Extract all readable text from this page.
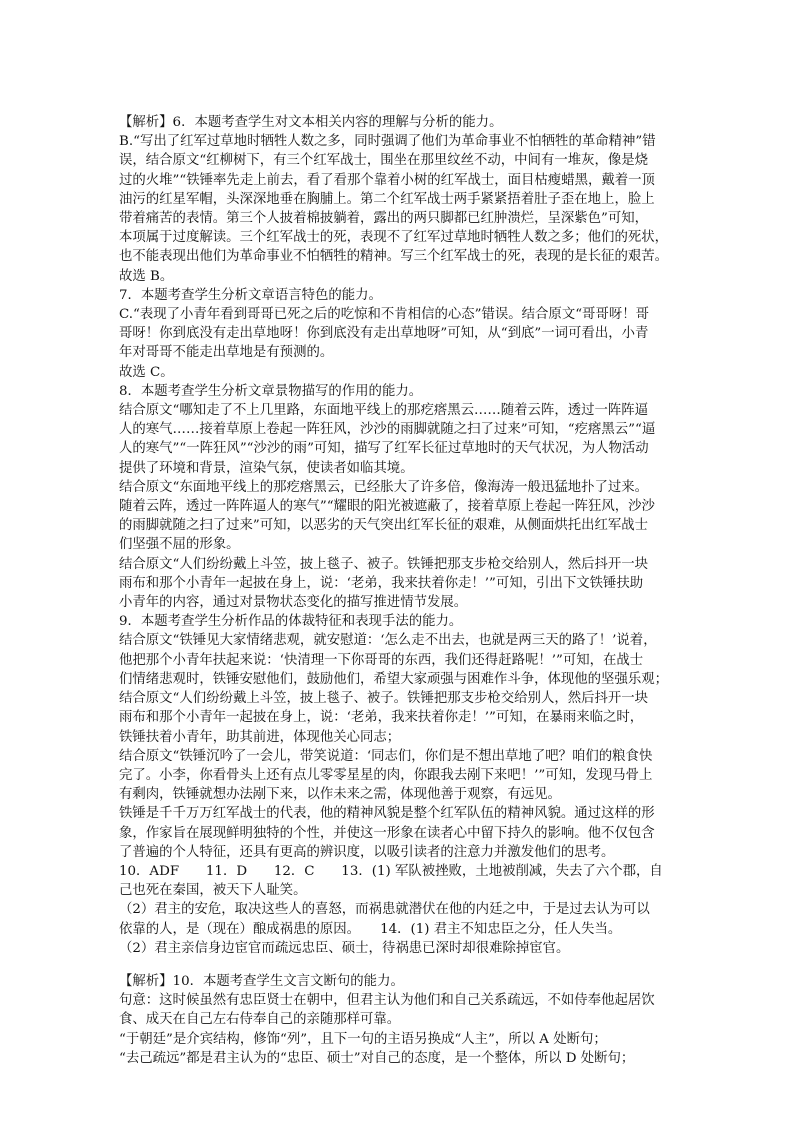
【解析】6．本题考查学生对文本相关内容的理解与分析的能力。

B.“写出了红军过草地时牺牲人数之多，同时强调了他们为革命事业不怕牺牲的革命精神”错

误，结合原文“红柳树下，有三个红军战士，围坐在那里纹丝不动，中间有一堆灰，像是烧

过的火堆”“铁锤率先走上前去，看了看那个靠着小树的红军战士，面目枯瘦蜡黑，戴着一顶

油污的红星军帽，头深深地垂在胸脯上。第二个红军战士两手紧紧捂着肚子歪在地上，脸上

带着痛苦的表情。第三个人披着棉披躺着，露出的两只脚都已红肿溃烂，呈深紫色”可知，

本项属于过度解读。三个红军战士的死，表现不了红军过草地时牺牲人数之多；他们的死状，

也不能表现出他们为革命事业不怕牺牲的精神。写三个红军战士的死，表现的是长征的艰苦。

故选 B。

7．本题考查学生分析文章语言特色的能力。

C.“表现了小青年看到哥哥已死之后的吃惊和不肯相信的心态”错误。结合原文“哥哥呀！哥

哥呀！你到底没有走出草地呀！你到底没有走出草地呀”可知，从“到底”一词可看出，小青

年对哥哥不能走出草地是有预测的。

故选 C。

8．本题考查学生分析文章景物描写的作用的能力。

结合原文“哪知走了不上几里路，东面地平线上的那疙瘩黑云……随着云阵，透过一阵阵逼

人的寒气……接着草原上卷起一阵狂风，沙沙的雨脚就随之扫了过来”可知，“疙瘩黑云”“逼

人的寒气”“一阵狂风”“沙沙的雨”可知，描写了红军长征过草地时的天气状况，为人物活动

提供了环境和背景，渲染气氛，使读者如临其境。

结合原文“东面地平线上的那疙瘩黑云，已经胀大了许多倍，像海涛一般迅猛地扑了过来。

随着云阵，透过一阵阵逼人的寒气”“耀眼的阳光被遮蔽了，接着草原上卷起一阵狂风，沙沙

的雨脚就随之扫了过来”可知，以恶劣的天气突出红军长征的艰难，从侧面烘托出红军战士

们坚强不屈的形象。

结合原文“人们纷纷戴上斗笠，披上毯子、被子。铁锤把那支步枪交给别人，然后抖开一块

雨布和那个小青年一起披在身上，说：‘老弟，我来扶着你走！’”可知，引出下文铁锤扶助

小青年的内容，通过对景物状态变化的描写推进情节发展。

9．本题考查学生分析作品的体裁特征和表现手法的能力。

结合原文“铁锤见大家情绪悲观，就安慰道：‘怎么走不出去，也就是两三天的路了！’说着，

他把那个小青年扶起来说：‘快清理一下你哥哥的东西，我们还得赶路呢！’”可知，在战士

们情绪悲观时，铁锤安慰他们，鼓励他们，希望大家顽强与困难作斗争，体现他的坚强乐观；

结合原文“人们纷纷戴上斗笠，披上毯子、被子。铁锤把那支步枪交给别人，然后抖开一块

雨布和那个小青年一起披在身上，说：‘老弟，我来扶着你走！’”可知，在暴雨来临之时，

铁锤扶着小青年，助其前进，体现他关心同志；

结合原文“铁锤沉吟了一会儿，带笑说道：‘同志们，你们是不想出草地了吧？咱们的粮食快

完了。小李，你看骨头上还有点儿零零星星的肉，你跟我去剐下来吧！’”可知，发现马骨上

有剩肉，铁锤就想办法剐下来，以作未来之需，体现他善于观察，有远见。

铁锤是千千万万红军战士的代表，他的精神风貌是整个红军队伍的精神风貌。通过这样的形

象，作家旨在展现鲜明独特的个性，并使这一形象在读者心中留下持久的影响。他不仅包含

了普遍的个人特征，还具有更高的辨识度，以吸引读者的注意力并激发他们的思考。

10．ADF　　11．D　　12．C　　13．(1) 军队被挫败，土地被削减，失去了六个郡，自

己也死在秦国，被天下人耻笑。

（2）君主的安危，取决这些人的喜怒，而祸患就潜伏在他的内廷之中，于是过去认为可以

依靠的人，是（现在）酿成祸患的原因。　　14．(1) 君主不知忠臣之分，任人失当。

（2）君主亲信身边宦官而疏远忠臣、硕士，待祸患已深时却很难除掉宦官。

【解析】10．本题考查学生文言文断句的能力。

句意：这时候虽然有忠臣贤士在朝中，但君主认为他们和自己关系疏远，不如侍奉他起居饮

食、成天在自己左右侍奉自己的亲随那样可靠。

“于朝廷”是介宾结构，修饰“列”，且下一句的主语另换成“人主”，所以 A 处断句；

“去己疏远”都是君主认为的“忠臣、硕士”对自己的态度，是一个整体，所以 D 处断句；
